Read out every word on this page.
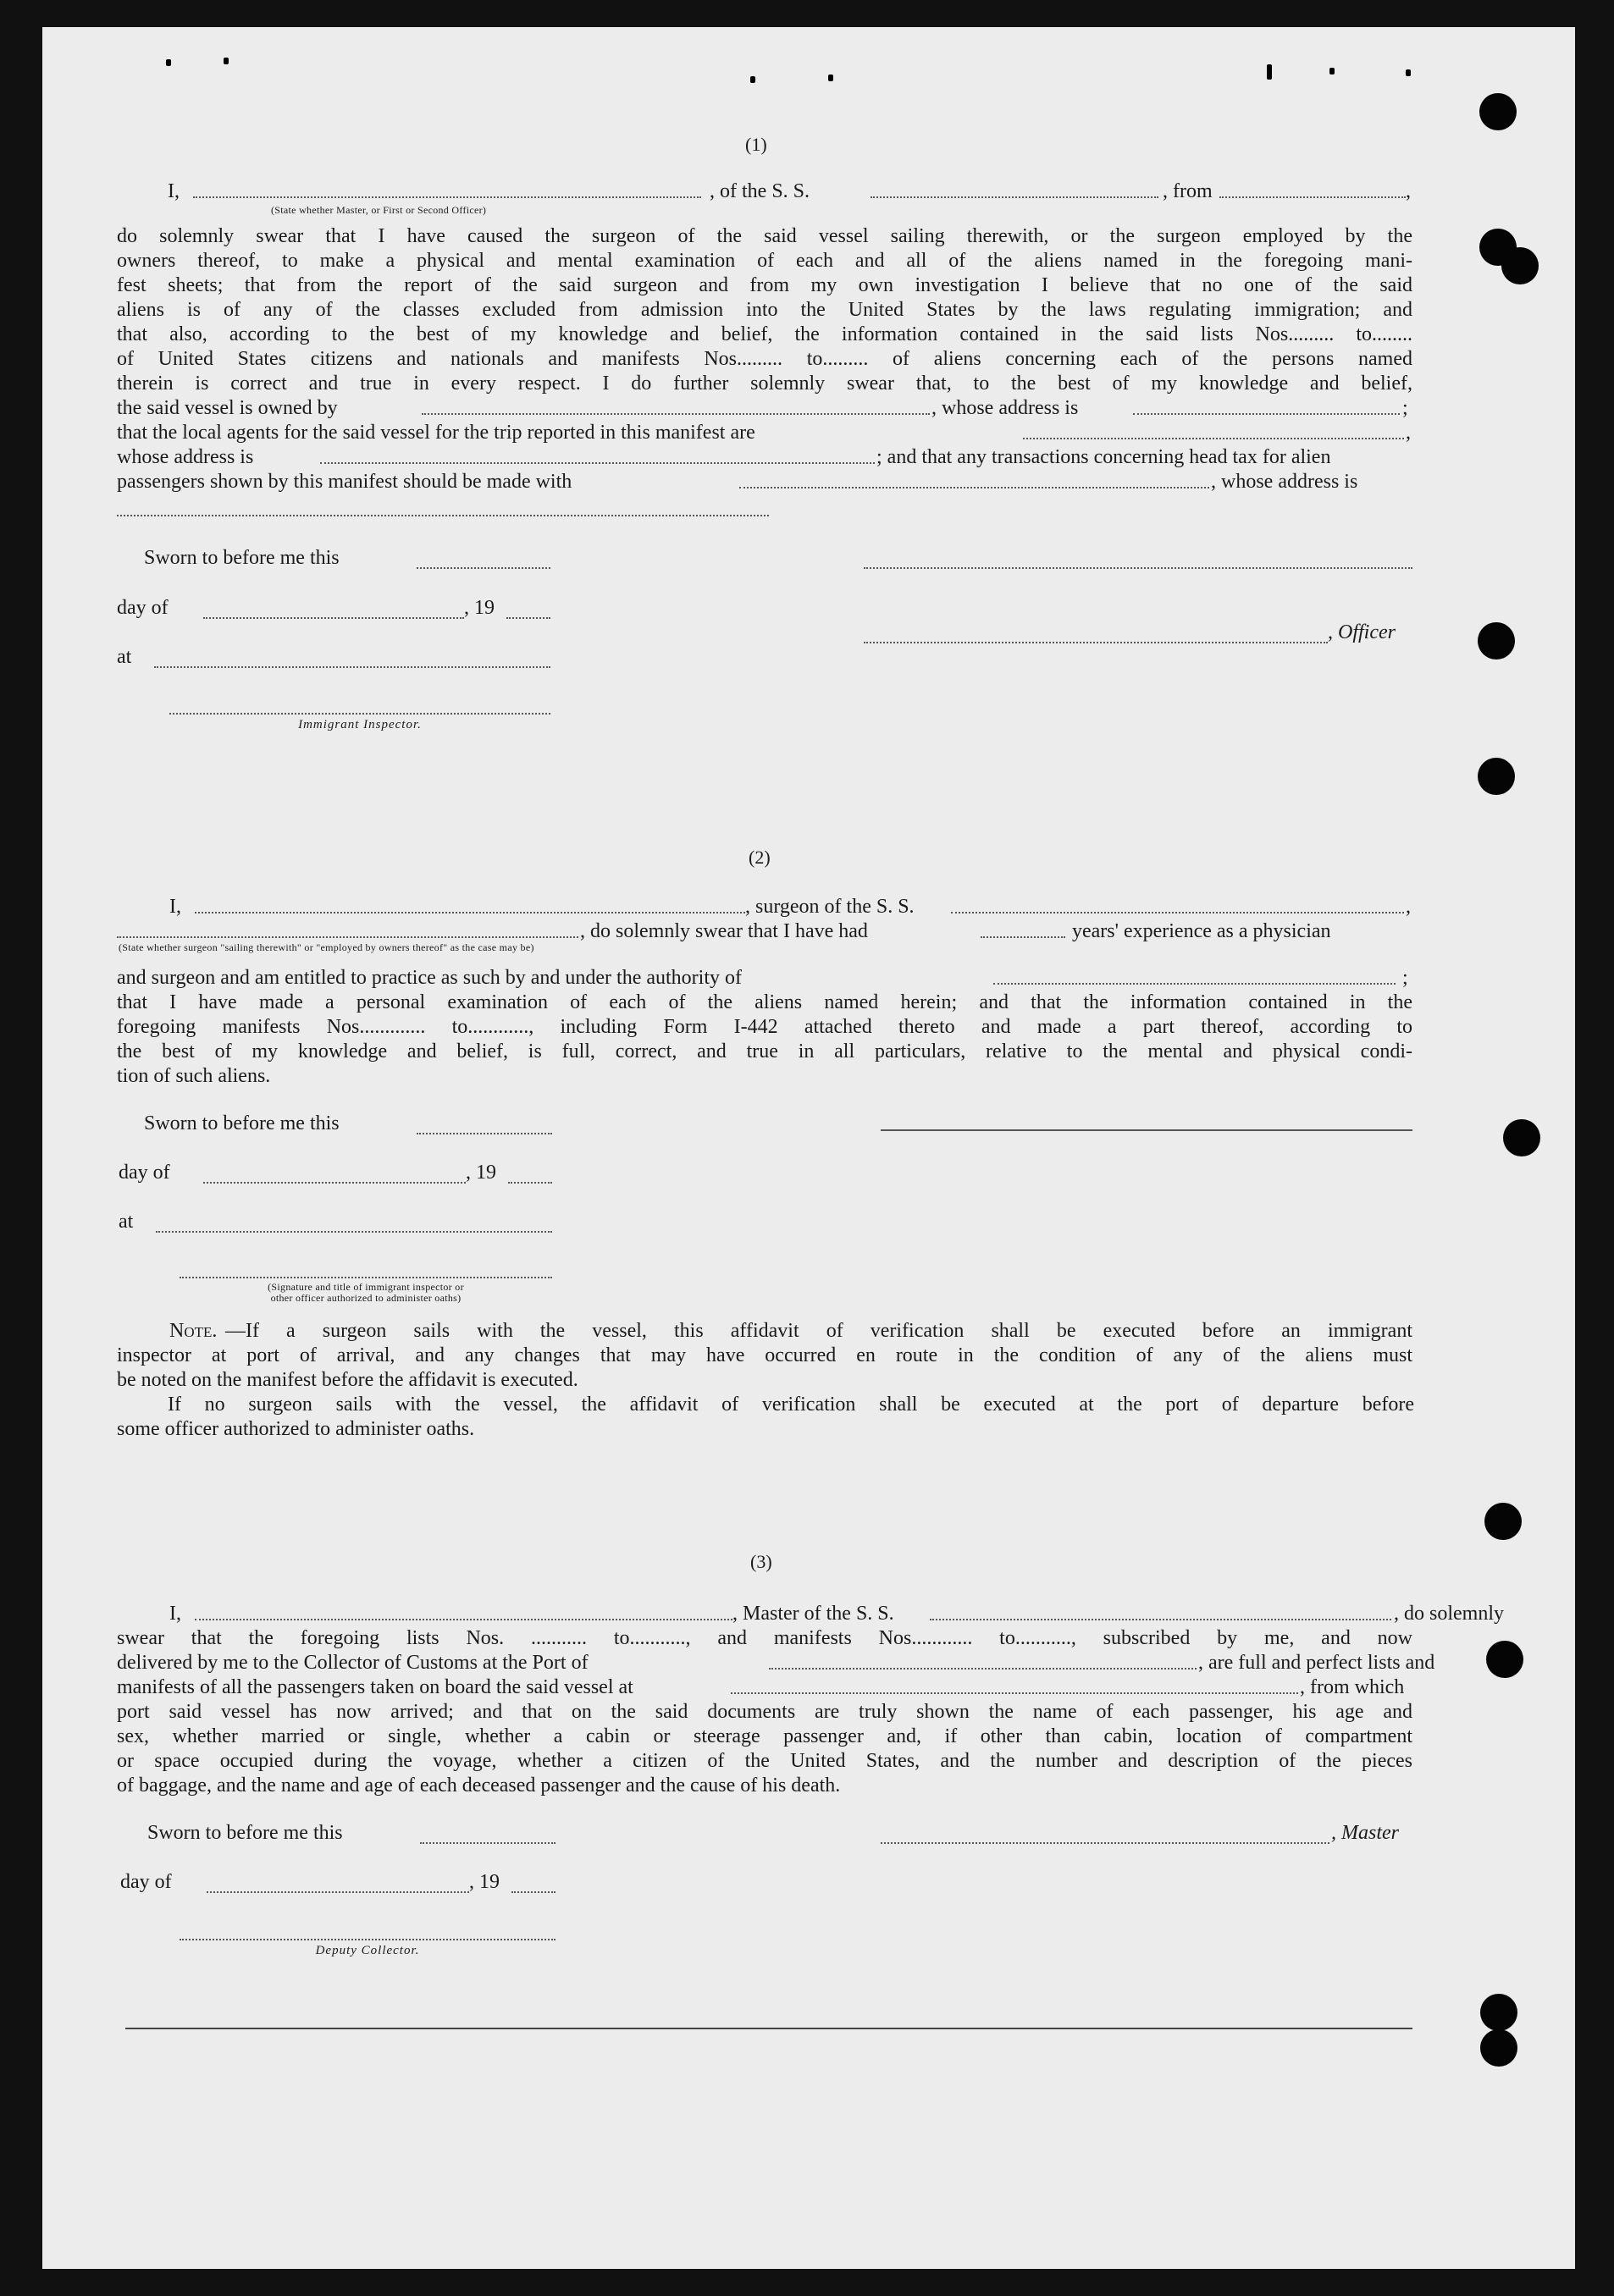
(1)
I,	, of the S. S.	, from	,
(State whether Master, or First or Second Officer)
do solemnly swear that I have caused the surgeon of the said vessel sailing therewith, or the surgeon employed by the
owners thereof, to make a physical and mental examination of each and all of the aliens named in the foregoing mani-
fest sheets; that from the report of the said surgeon and from my own investigation I believe that no one of the said
aliens is of any of the classes excluded from admission into the United States by the laws regulating immigration; and
that also, according to the best of my knowledge and belief, the information contained in the said lists Nos......... to........
of United States citizens and nationals and manifests Nos......... to......... of aliens concerning each of the persons named
therein is correct and true in every respect. I do further solemnly swear that, to the best of my knowledge and belief,
the said vessel is owned by	, whose address is	;
that the local agents for the said vessel for the trip reported in this manifest are	,
whose address is	; and that any transactions concerning head tax for alien
passengers shown by this manifest should be made with	, whose address is
Sworn to before me this
day of	, 19
, Officer
at
Immigrant Inspector.
(2)
I,	, surgeon of the S. S.	,
, do solemnly swear that I have had	years' experience as a physician
(State whether surgeon "sailing therewith" or "employed by owners thereof" as the case may be)
and surgeon and am entitled to practice as such by and under the authority of	;
that I have made a personal examination of each of the aliens named herein; and that the information contained in the
foregoing manifests Nos............. to............, including Form I-442 attached thereto and made a part thereof, according to
the best of my knowledge and belief, is full, correct, and true in all particulars, relative to the mental and physical condi-
tion of such aliens.
Sworn to before me this
day of	, 19
at
(Signature and title of immigrant inspector or
other officer authorized to administer oaths)
Note. —If a surgeon sails with the vessel, this affidavit of verification shall be executed before an immigrant
inspector at port of arrival, and any changes that may have occurred en route in the condition of any of the aliens must
be noted on the manifest before the affidavit is executed.
If no surgeon sails with the vessel, the affidavit of verification shall be executed at the port of departure before
some officer authorized to administer oaths.
(3)
I,	, Master of the S. S.	, do solemnly
swear that the foregoing lists Nos. ........... to..........., and manifests Nos............ to..........., subscribed by me, and now
delivered by me to the Collector of Customs at the Port of	, are full and perfect lists and
manifests of all the passengers taken on board the said vessel at	, from which
port said vessel has now arrived; and that on the said documents are truly shown the name of each passenger, his age and
sex, whether married or single, whether a cabin or steerage passenger and, if other than cabin, location of compartment
or space occupied during the voyage, whether a citizen of the United States, and the number and description of the pieces
of baggage, and the name and age of each deceased passenger and the cause of his death.
Sworn to before me this	, Master
day of	, 19
Deputy Collector.
